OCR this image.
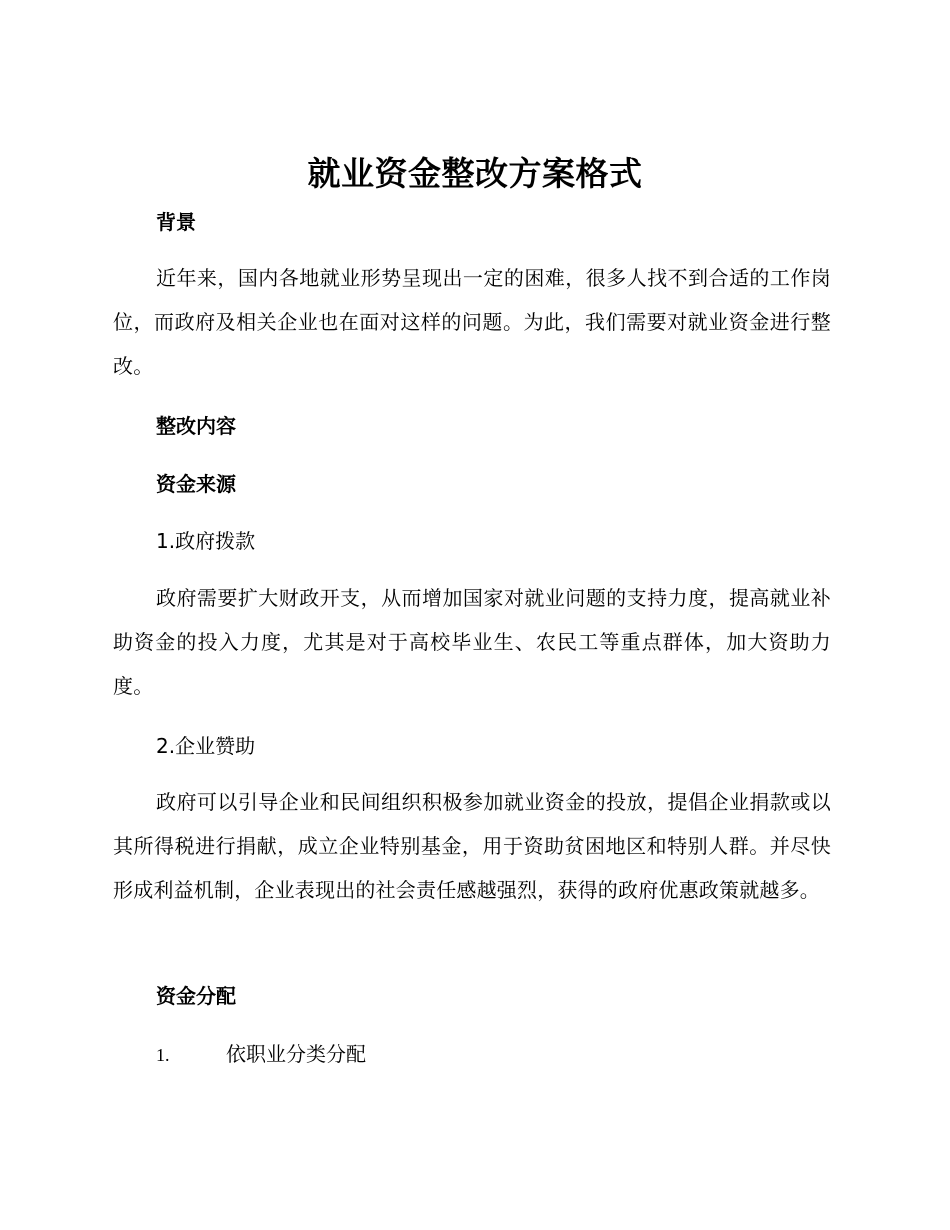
就业资金整改方案格式
背景
近年来，国内各地就业形势呈现出一定的困难，很多人找不到合适的工作岗位，而政府及相关企业也在面对这样的问题。为此，我们需要对就业资金进行整改。
整改内容
资金来源
1.政府拨款
政府需要扩大财政开支，从而增加国家对就业问题的支持力度，提高就业补助资金的投入力度，尤其是对于高校毕业生、农民工等重点群体，加大资助力度。
2.企业赞助
政府可以引导企业和民间组织积极参加就业资金的投放，提倡企业捐款或以其所得税进行捐献，成立企业特别基金，用于资助贫困地区和特别人群。并尽快形成利益机制，企业表现出的社会责任感越强烈，获得的政府优惠政策就越多。
资金分配
1.	依职业分类分配
